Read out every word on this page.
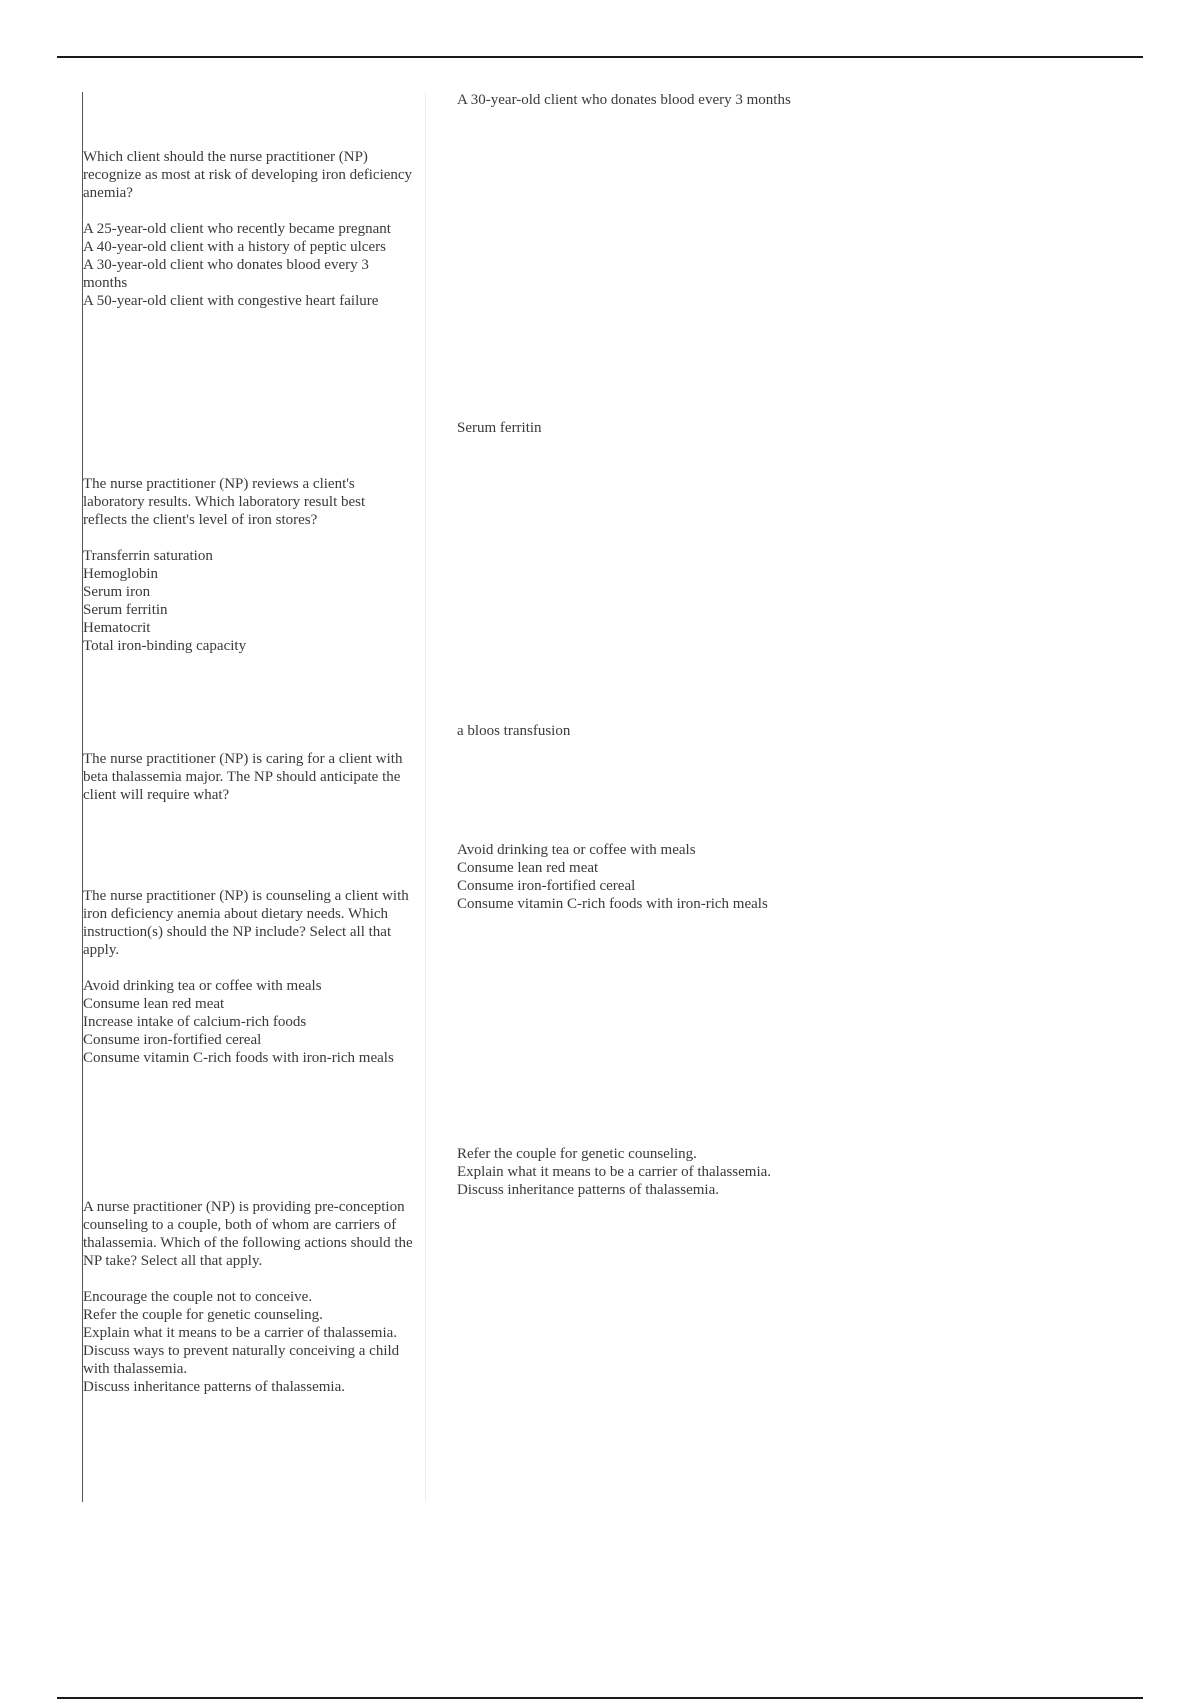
A 30-year-old client who donates blood every 3 months
Which client should the nurse practitioner (NP) recognize as most at risk of developing iron deficiency anemia?
A 25-year-old client who recently became pregnant
A 40-year-old client with a history of peptic ulcers
A 30-year-old client who donates blood every 3 months
A 50-year-old client with congestive heart failure
Serum ferritin
The nurse practitioner (NP) reviews a client's laboratory results. Which laboratory result best reflects the client's level of iron stores?
Transferrin saturation
Hemoglobin
Serum iron
Serum ferritin
Hematocrit
Total iron-binding capacity
a bloos transfusion
The nurse practitioner (NP) is caring for a client with beta thalassemia major. The NP should anticipate the client will require what?
Avoid drinking tea or coffee with meals
Consume lean red meat
Consume iron-fortified cereal
Consume vitamin C-rich foods with iron-rich meals
The nurse practitioner (NP) is counseling a client with iron deficiency anemia about dietary needs. Which instruction(s) should the NP include? Select all that apply.
Avoid drinking tea or coffee with meals
Consume lean red meat
Increase intake of calcium-rich foods
Consume iron-fortified cereal
Consume vitamin C-rich foods with iron-rich meals
Refer the couple for genetic counseling.
Explain what it means to be a carrier of thalassemia.
Discuss inheritance patterns of thalassemia.
A nurse practitioner (NP) is providing pre-conception counseling to a couple, both of whom are carriers of thalassemia. Which of the following actions should the NP take? Select all that apply.
Encourage the couple not to conceive.
Refer the couple for genetic counseling.
Explain what it means to be a carrier of thalassemia.
Discuss ways to prevent naturally conceiving a child with thalassemia.
Discuss inheritance patterns of thalassemia.
